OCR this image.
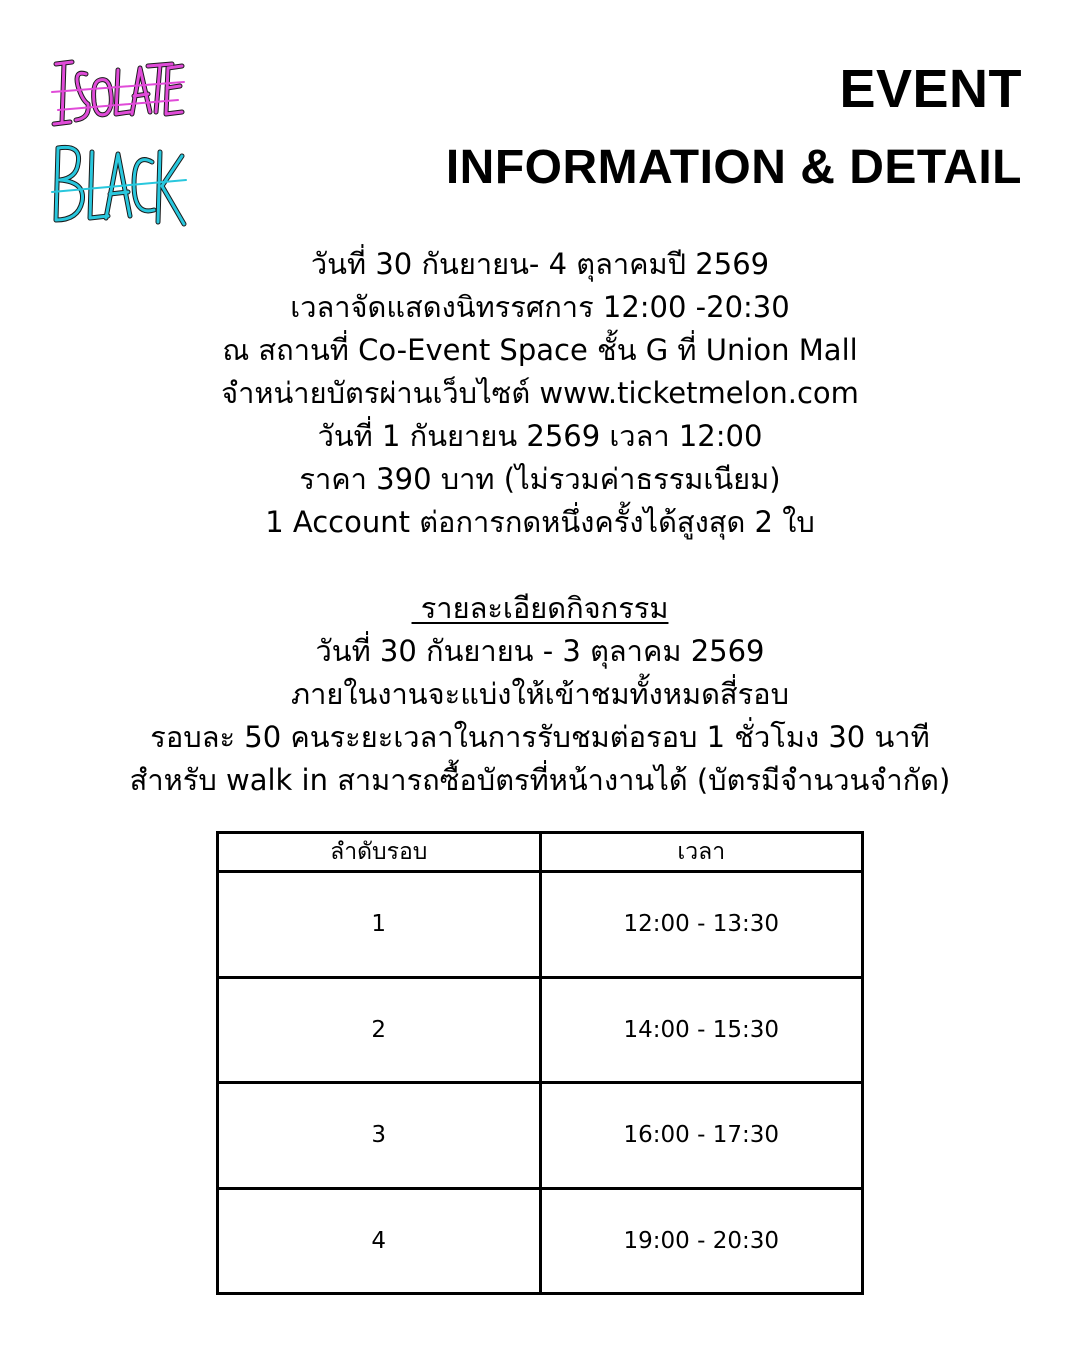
EVENT
INFORMATION & DETAIL

วันที่ 30 กันยายน- 4 ตุลาคมปี 2569

เวลาจัดแสดงนิทรรศการ 12:00 -20:30

ณ สถานที่ Co-Event Space ชั้น G ที่ Union Mall

จำหน่ายบัตรผ่านเว็บไซต์ www.ticketmelon.com

วันที่ 1 กันยายน 2569 เวลา 12:00

ราคา 390 บาท (ไม่รวมค่าธรรมเนียม)

1 Account ต่อการกดหนึ่งครั้งได้สูงสุด 2 ใบ

รายละเอียดกิจกรรม

วันที่ 30 กันยายน - 3 ตุลาคม 2569

ภายในงานจะแบ่งให้เข้าชมทั้งหมดสี่รอบ

รอบละ 50 คนระยะเวลาในการรับชมต่อรอบ 1 ชั่วโมง 30 นาที

สำหรับ walk in สามารถซื้อบัตรที่หน้างานได้ (บัตรมีจำนวนจำกัด)

ลำดับรอบ	เวลา
1	12:00 - 13:30
2	14:00 - 15:30
3	16:00 - 17:30
4	19:00 - 20:30
